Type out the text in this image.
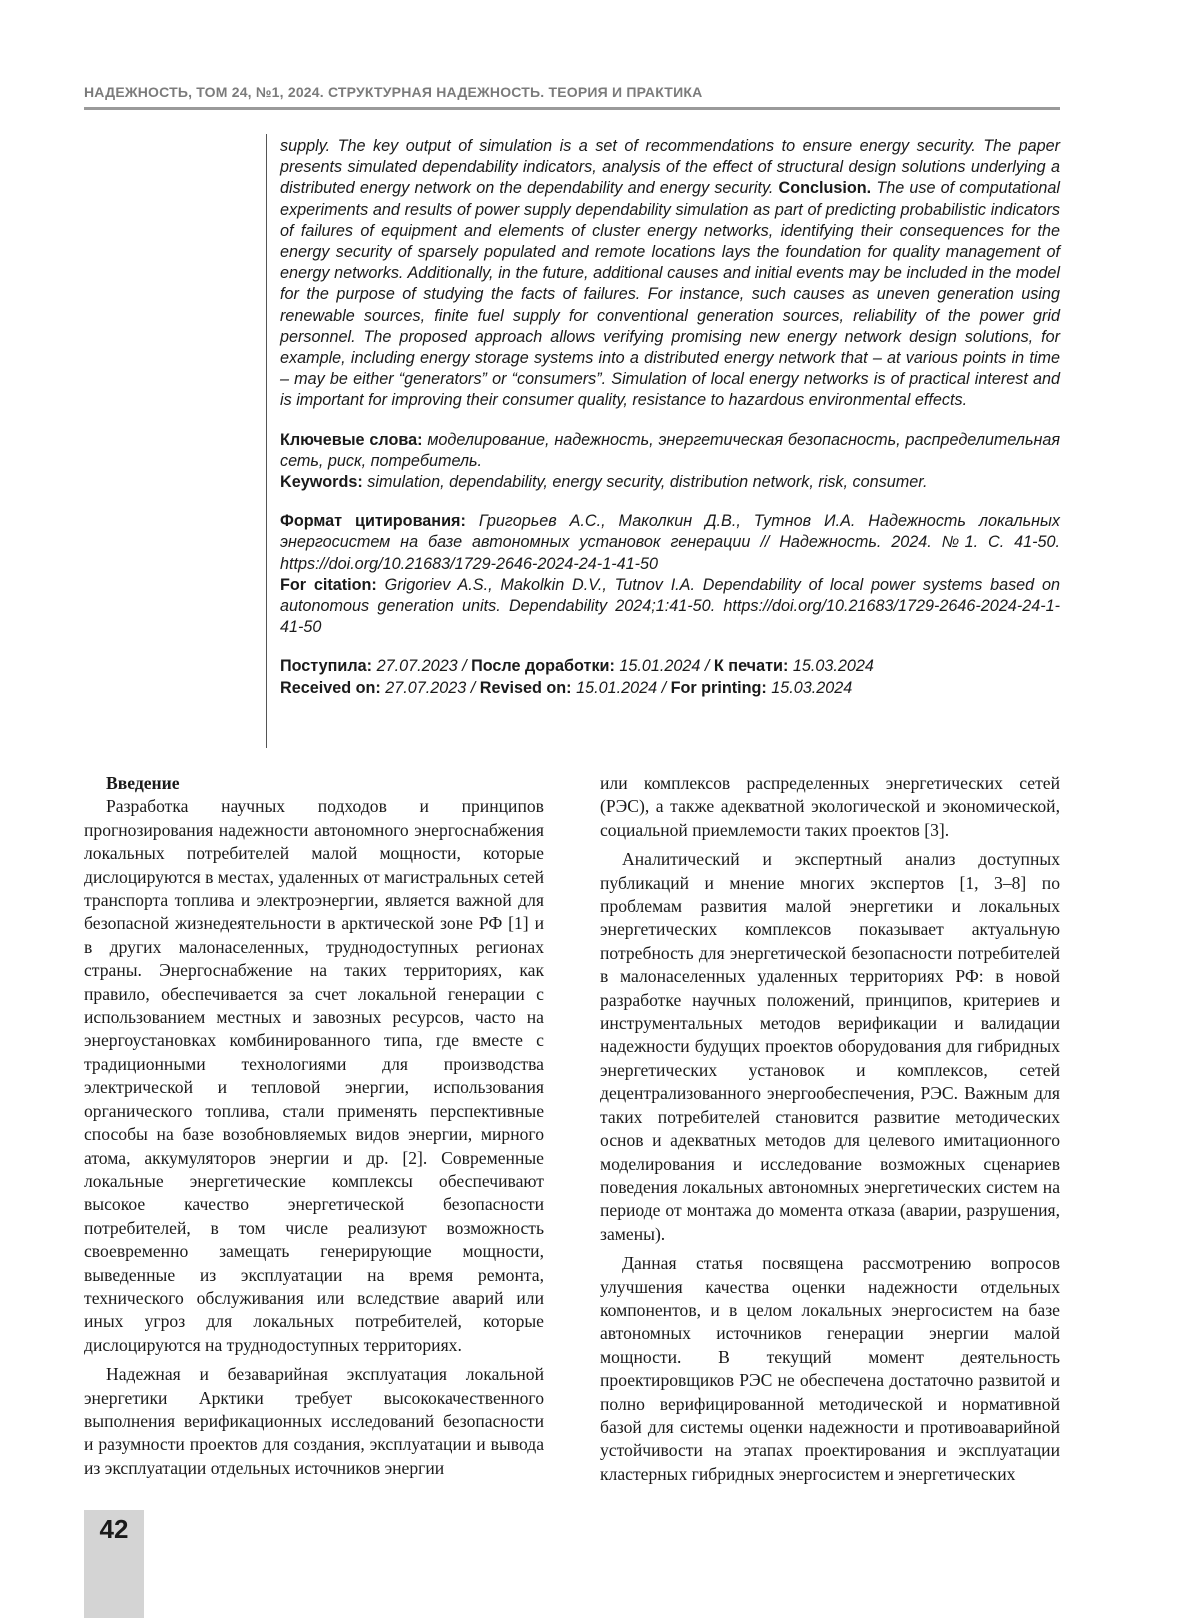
НАДЕЖНОСТЬ, ТОМ 24, №1, 2024. СТРУКТУРНАЯ НАДЕЖНОСТЬ. ТЕОРИЯ И ПРАКТИКА

supply. The key output of simulation is a set of recommendations to ensure energy security. The paper presents simulated dependability indicators, analysis of the effect of structural design solutions underlying a distributed energy network on the dependability and energy security. Conclusion. The use of computational experiments and results of power supply dependability simulation as part of predicting probabilistic indicators of failures of equipment and elements of cluster energy networks, identifying their consequences for the energy security of sparsely populated and remote locations lays the foundation for quality management of energy networks. Additionally, in the future, additional causes and initial events may be included in the model for the purpose of studying the facts of failures. For instance, such causes as uneven generation using renewable sources, finite fuel supply for conventional generation sources, reliability of the power grid personnel. The proposed approach allows verifying promising new energy network design solutions, for example, including energy storage systems into a distributed energy network that – at various points in time – may be either “generators” or “consumers”. Simulation of local energy networks is of practical interest and is important for improving their consumer quality, resistance to hazardous environmental effects.

Ключевые слова: моделирование, надежность, энергетическая безопасность, распределительная сеть, риск, потребитель.

Keywords: simulation, dependability, energy security, distribution network, risk, consumer.

Формат цитирования: Григорьев А.С., Маколкин Д.В., Тутнов И.А. Надежность локальных энергосистем на базе автономных установок генерации // Надежность. 2024. №1. С. 41-50. https://doi.org/10.21683/1729-2646-2024-24-1-41-50

For citation: Grigoriev A.S., Makolkin D.V., Tutnov I.A. Dependability of local power systems based on autonomous generation units. Dependability 2024;1:41-50. https://doi.org/10.21683/1729-2646-2024-24-1-41-50

Поступила: 27.07.2023 / После доработки: 15.01.2024 / К печати: 15.03.2024

Received on: 27.07.2023 / Revised on: 15.01.2024 / For printing: 15.03.2024

Введение

Разработка научных подходов и принципов прогнозирования надежности автономного энергоснабжения локальных потребителей малой мощности, которые дислоцируются в местах, удаленных от магистральных сетей транспорта топлива и электроэнергии, является важной для безопасной жизнедеятельности в арктической зоне РФ [1] и в других малонаселенных, труднодоступных регионах страны. Энергоснабжение на таких территориях, как правило, обеспечивается за счет локальной генерации с использованием местных и завозных ресурсов, часто на энергоустановках комбинированного типа, где вместе с традиционными технологиями для производства электрической и тепловой энергии, использования органического топлива, стали применять перспективные способы на базе возобновляемых видов энергии, мирного атома, аккумуляторов энергии и др. [2]. Современные локальные энергетические комплексы обеспечивают высокое качество энергетической безопасности потребителей, в том числе реализуют возможность своевременно замещать генерирующие мощности, выведенные из эксплуатации на время ремонта, технического обслуживания или вследствие аварий или иных угроз для локальных потребителей, которые дислоцируются на труднодоступных территориях.

Надежная и безаварийная эксплуатация локальной энергетики Арктики требует высококачественного выполнения верификационных исследований безопасности и разумности проектов для создания, эксплуатации и вывода из эксплуатации отдельных источников энергии

или комплексов распределенных энергетических сетей (РЭС), а также адекватной экологической и экономической, социальной приемлемости таких проектов [3].

Аналитический и экспертный анализ доступных публикаций и мнение многих экспертов [1, 3–8] по проблемам развития малой энергетики и локальных энергетических комплексов показывает актуальную потребность для энергетической безопасности потребителей в малонаселенных удаленных территориях РФ: в новой разработке научных положений, принципов, критериев и инструментальных методов верификации и валидации надежности будущих проектов оборудования для гибридных энергетических установок и комплексов, сетей децентрализованного энергообеспечения, РЭС. Важным для таких потребителей становится развитие методических основ и адекватных методов для целевого имитационного моделирования и исследование возможных сценариев поведения локальных автономных энергетических систем на периоде от монтажа до момента отказа (аварии, разрушения, замены).

Данная статья посвящена рассмотрению вопросов улучшения качества оценки надежности отдельных компонентов, и в целом локальных энергосистем на базе автономных источников генерации энергии малой мощности. В текущий момент деятельность проектировщиков РЭС не обеспечена достаточно развитой и полно верифицированной методической и нормативной базой для системы оценки надежности и противоаварийной устойчивости на этапах проектирования и эксплуатации кластерных гибридных энергосистем и энергетических

42
